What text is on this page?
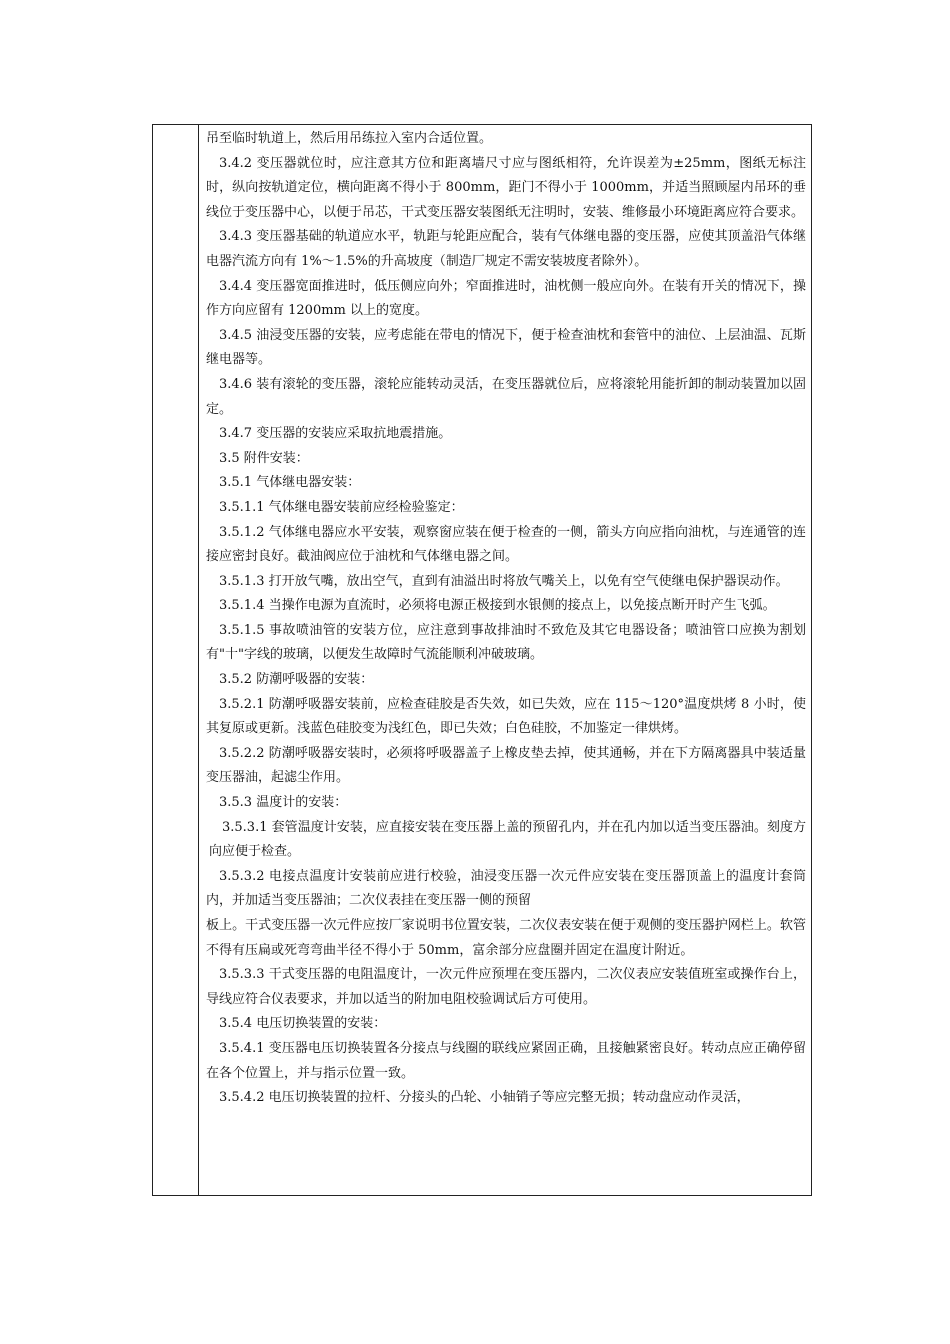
吊至临时轨道上，然后用吊练拉入室内合适位置。

3.4.2 变压器就位时，应注意其方位和距离墙尺寸应与图纸相符，允许误差为±25mm，图纸无标注时，纵向按轨道定位，横向距离不得小于 800mm，距门不得小于 1000mm，并适当照顾屋内吊环的垂线位于变压器中心，以便于吊芯，干式变压器安装图纸无注明时，安装、维修最小环境距离应符合要求。

3.4.3 变压器基础的轨道应水平，轨距与轮距应配合，装有气体继电器的变压器，应使其顶盖沿气体继电器汽流方向有 1%～1.5%的升高坡度（制造厂规定不需安装坡度者除外）。

3.4.4 变压器宽面推进时，低压侧应向外；窄面推进时，油枕侧一般应向外。在装有开关的情况下，操作方向应留有 1200mm 以上的宽度。

3.4.5 油浸变压器的安装，应考虑能在带电的情况下，便于检查油枕和套管中的油位、上层油温、瓦斯继电器等。

3.4.6 装有滚轮的变压器，滚轮应能转动灵活，在变压器就位后，应将滚轮用能折卸的制动装置加以固定。

3.4.7 变压器的安装应采取抗地震措施。

3.5 附件安装：

3.5.1 气体继电器安装：

3.5.1.1 气体继电器安装前应经检验鉴定：

3.5.1.2 气体继电器应水平安装，观察窗应装在便于检查的一侧，箭头方向应指向油枕，与连通管的连接应密封良好。截油阀应位于油枕和气体继电器之间。

3.5.1.3 打开放气嘴，放出空气，直到有油溢出时将放气嘴关上，以免有空气使继电保护器误动作。

3.5.1.4 当操作电源为直流时，必须将电源正极接到水银侧的接点上，以免接点断开时产生飞弧。

3.5.1.5 事故喷油管的安装方位，应注意到事故排油时不致危及其它电器设备；喷油管口应换为割划有"十"字线的玻璃，以便发生故障时气流能顺利冲破玻璃。

3.5.2 防潮呼吸器的安装：

3.5.2.1 防潮呼吸器安装前，应检查硅胶是否失效，如已失效，应在 115～120°温度烘烤 8 小时，使其复原或更新。浅蓝色硅胶变为浅红色，即已失效；白色硅胶，不加鉴定一律烘烤。

3.5.2.2 防潮呼吸器安装时，必须将呼吸器盖子上橡皮垫去掉，使其通畅，并在下方隔离器具中装适量变压器油，起滤尘作用。

3.5.3 温度计的安装：

3.5.3.1 套管温度计安装，应直接安装在变压器上盖的预留孔内，并在孔内加以适当变压器油。刻度方向应便于检查。

3.5.3.2 电接点温度计安装前应进行校验，油浸变压器一次元件应安装在变压器顶盖上的温度计套筒内，并加适当变压器油；二次仪表挂在变压器一侧的预留

板上。干式变压器一次元件应按厂家说明书位置安装，二次仪表安装在便于观侧的变压器护网栏上。软管不得有压扁或死弯弯曲半径不得小于 50mm，富余部分应盘圈并固定在温度计附近。

3.5.3.3 干式变压器的电阻温度计，一次元件应预埋在变压器内，二次仪表应安装值班室或操作台上，导线应符合仪表要求，并加以适当的附加电阻校验调试后方可使用。

3.5.4 电压切换装置的安装：

3.5.4.1 变压器电压切换装置各分接点与线圈的联线应紧固正确，且接触紧密良好。转动点应正确停留在各个位置上，并与指示位置一致。

3.5.4.2 电压切换装置的拉杆、分接头的凸轮、小轴销子等应完整无损；转动盘应动作灵活，
